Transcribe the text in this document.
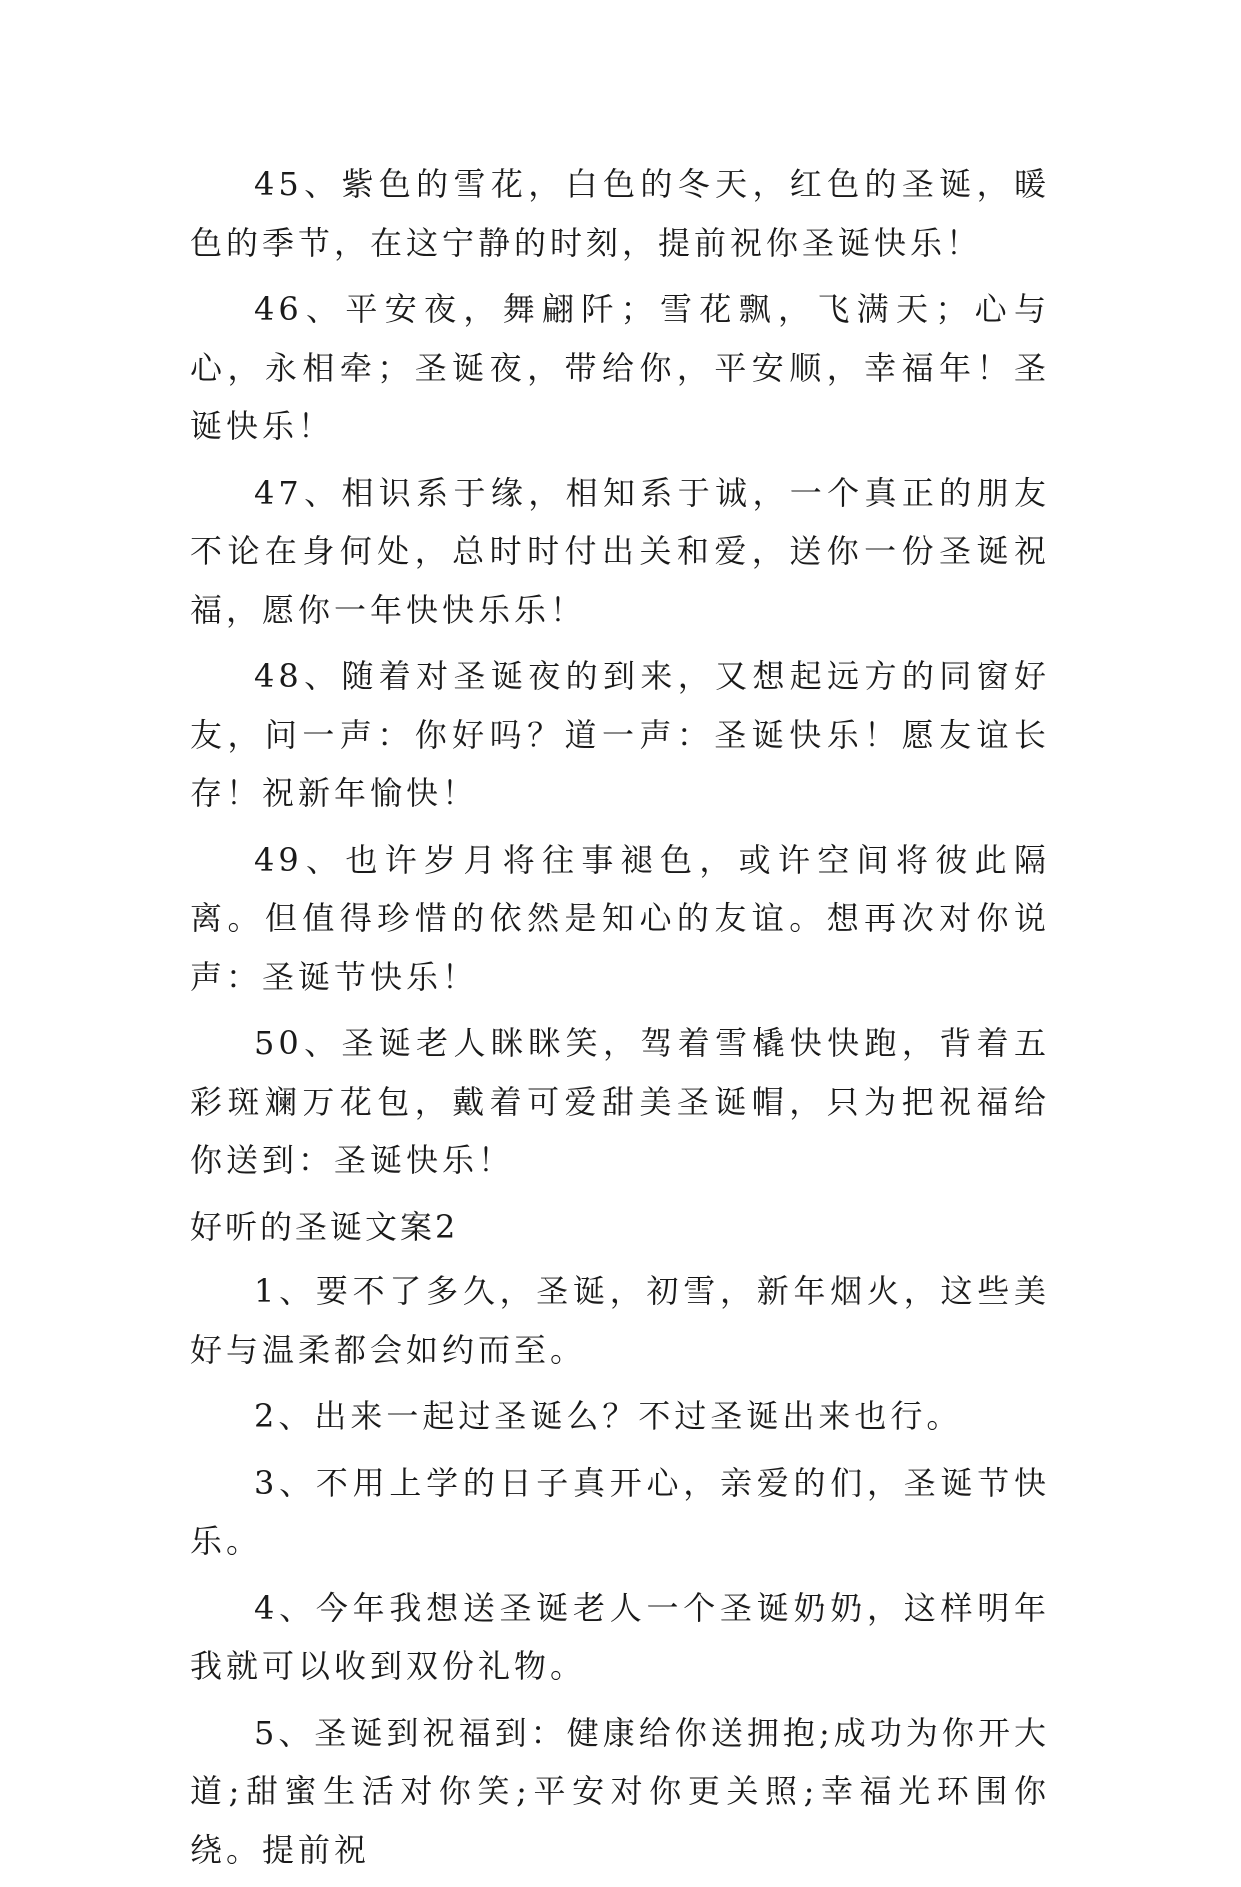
45、紫色的雪花，白色的冬天，红色的圣诞，暖色的季节，在这宁静的时刻，提前祝你圣诞快乐！

46、平安夜，舞翩阡；雪花飘，飞满天；心与心，永相牵；圣诞夜，带给你，平安顺，幸福年！圣诞快乐！

47、相识系于缘，相知系于诚，一个真正的朋友不论在身何处，总时时付出关和爱，送你一份圣诞祝福，愿你一年快快乐乐！

48、随着对圣诞夜的到来，又想起远方的同窗好友，问一声：你好吗？道一声：圣诞快乐！愿友谊长存！祝新年愉快！

49、也许岁月将往事褪色，或许空间将彼此隔离。但值得珍惜的依然是知心的友谊。想再次对你说声：圣诞节快乐！

50、圣诞老人眯眯笑，驾着雪橇快快跑，背着五彩斑斓万花包，戴着可爱甜美圣诞帽，只为把祝福给你送到：圣诞快乐！

好听的圣诞文案2

1、要不了多久，圣诞，初雪，新年烟火，这些美好与温柔都会如约而至。

2、出来一起过圣诞么？不过圣诞出来也行。

3、不用上学的日子真开心，亲爱的们，圣诞节快乐。

4、今年我想送圣诞老人一个圣诞奶奶，这样明年我就可以收到双份礼物。

5、圣诞到祝福到：健康给你送拥抱;成功为你开大道;甜蜜生活对你笑;平安对你更关照;幸福光环围你绕。提前祝
